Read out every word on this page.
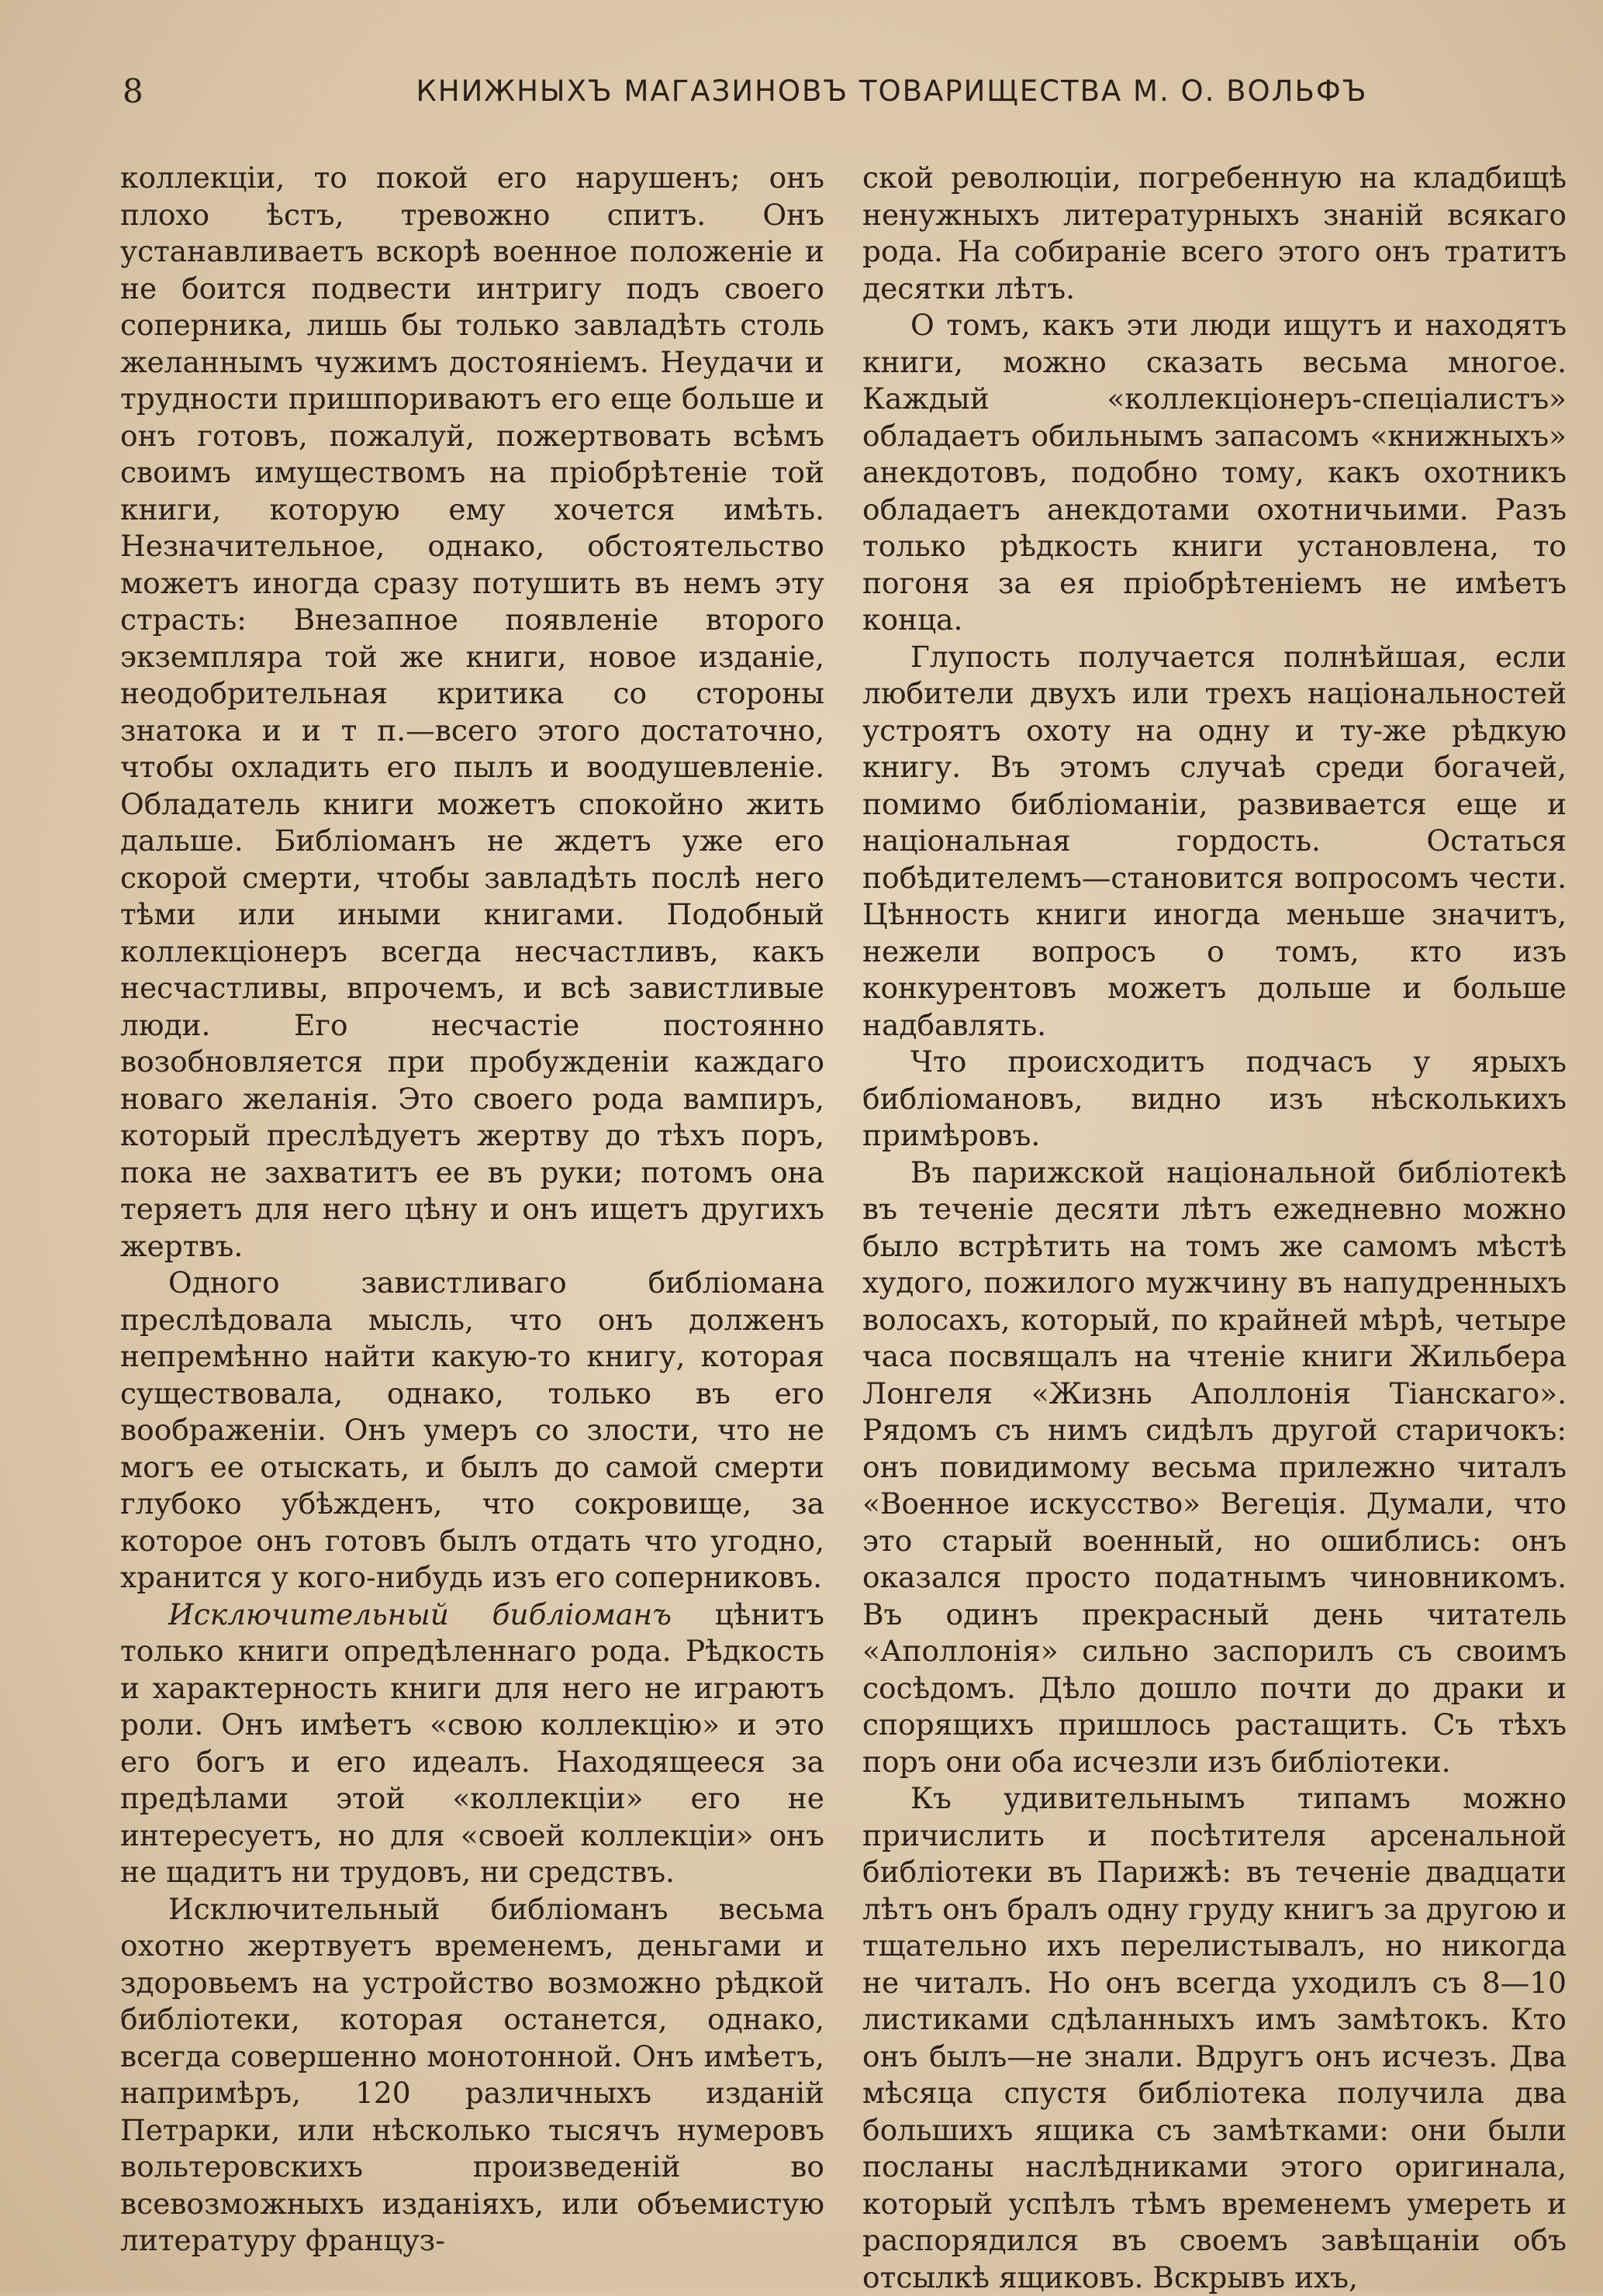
8	КНИЖНЫХЪ МАГАЗИНОВЪ ТОВАРИЩЕСТВА М. О. ВОЛЬФЪ

коллекціи, то покой его нарушенъ; онъ плохо ѣстъ, тревожно спитъ. Онъ устанавливаетъ вскорѣ военное положеніе и не боится подвести интригу подъ своего соперника, лишь бы только завладѣть столь желаннымъ чужимъ достояніемъ. Неудачи и трудности пришпориваютъ его еще больше и онъ готовъ, пожалуй, пожертвовать всѣмъ своимъ имуществомъ на пріобрѣтеніе той книги, которую ему хочется имѣть. Незначительное, однако, обстоятельство можетъ иногда сразу потушить въ немъ эту страсть: Внезапное появленіе второго экземпляра той же книги, новое изданіе, неодобрительная критика со стороны знатока и и т п.—всего этого достаточно, чтобы охладить его пылъ и воодушевленіе. Обладатель книги можетъ спокойно жить дальше. Библіоманъ не ждетъ уже его скорой смерти, чтобы завладѣть послѣ него тѣми или иными книгами. Подобный коллекціонеръ всегда несчастливъ, какъ несчастливы, впрочемъ, и всѣ завистливые люди. Его несчастіе постоянно возобновляется при пробужденіи каждаго новаго желанія. Это своего рода вампиръ, который преслѣдуетъ жертву до тѣхъ поръ, пока не захватитъ ее въ руки; потомъ она теряетъ для него цѣну и онъ ищетъ другихъ жертвъ.

Одного завистливаго библіомана преслѣдовала мысль, что онъ долженъ непремѣнно найти какую-то книгу, которая существовала, однако, только въ его воображеніи. Онъ умеръ со злости, что не могъ ее отыскать, и былъ до самой смерти глубоко убѣжденъ, что сокровище, за которое онъ готовъ былъ отдать что угодно, хранится у кого-нибудь изъ его соперниковъ.

Исключительный библіоманъ цѣнитъ только книги опредѣленнаго рода. Рѣдкость и характерность книги для него не играютъ роли. Онъ имѣетъ «свою коллекцію» и это его богъ и его идеалъ. Находящееся за предѣлами этой «коллекціи» его не интересуетъ, но для «своей коллекціи» онъ не щадитъ ни трудовъ, ни средствъ.

Исключительный библіоманъ весьма охотно жертвуетъ временемъ, деньгами и здоровьемъ на устройство возможно рѣдкой библіотеки, которая останется, однако, всегда совершенно монотонной. Онъ имѣетъ, напримѣръ, 120 различныхъ изданій Петрарки, или нѣсколько тысячъ нумеровъ вольтеровскихъ произведеній во всевозможныхъ изданіяхъ, или объемистую литературу француз-

ской революціи, погребенную на кладбищѣ ненужныхъ литературныхъ знаній всякаго рода. На собираніе всего этого онъ тратитъ десятки лѣтъ.

О томъ, какъ эти люди ищутъ и находятъ книги, можно сказать весьма многое. Каждый «коллекціонеръ-спеціалистъ» обладаетъ обильнымъ запасомъ «книжныхъ» анекдотовъ, подобно тому, какъ охотникъ обладаетъ анекдотами охотничьими. Разъ только рѣдкость книги установлена, то погоня за ея пріобрѣтеніемъ не имѣетъ конца.

Глупость получается полнѣйшая, если любители двухъ или трехъ національностей устроятъ охоту на одну и ту-же рѣдкую книгу. Въ этомъ случаѣ среди богачей, помимо библіоманіи, развивается еще и національная гордость. Остаться побѣдителемъ—становится вопросомъ чести. Цѣнность книги иногда меньше значитъ, нежели вопросъ о томъ, кто изъ конкурентовъ можетъ дольше и больше надбавлять.

Что происходитъ подчасъ у ярыхъ библіомановъ, видно изъ нѣсколькихъ примѣровъ.

Въ парижской національной библіотекѣ въ теченіе десяти лѣтъ ежедневно можно было встрѣтить на томъ же самомъ мѣстѣ худого, пожилого мужчину въ напудренныхъ волосахъ, который, по крайней мѣрѣ, четыре часа посвящалъ на чтеніе книги Жильбера Лонгеля «Жизнь Аполлонія Тіанскаго». Рядомъ съ нимъ сидѣлъ другой старичокъ: онъ повидимому весьма прилежно читалъ «Военное искусство» Вегеція. Думали, что это старый военный, но ошиблись: онъ оказался просто податнымъ чиновникомъ. Въ одинъ прекрасный день читатель «Аполлонія» сильно заспорилъ съ своимъ сосѣдомъ. Дѣло дошло почти до драки и спорящихъ пришлось растащить. Съ тѣхъ поръ они оба исчезли изъ библіотеки.

Къ удивительнымъ типамъ можно причислить и посѣтителя арсенальной библіотеки въ Парижѣ: въ теченіе двадцати лѣтъ онъ бралъ одну груду книгъ за другою и тщательно ихъ перелистывалъ, но никогда не читалъ. Но онъ всегда уходилъ съ 8—10 листиками сдѣланныхъ имъ замѣтокъ. Кто онъ былъ—не знали. Вдругъ онъ исчезъ. Два мѣсяца спустя библіотека получила два большихъ ящика съ замѣтками: они были посланы наслѣдниками этого оригинала, который успѣлъ тѣмъ временемъ умереть и распорядился въ своемъ завѣщаніи объ отсылкѣ ящиковъ. Вскрывъ ихъ,
